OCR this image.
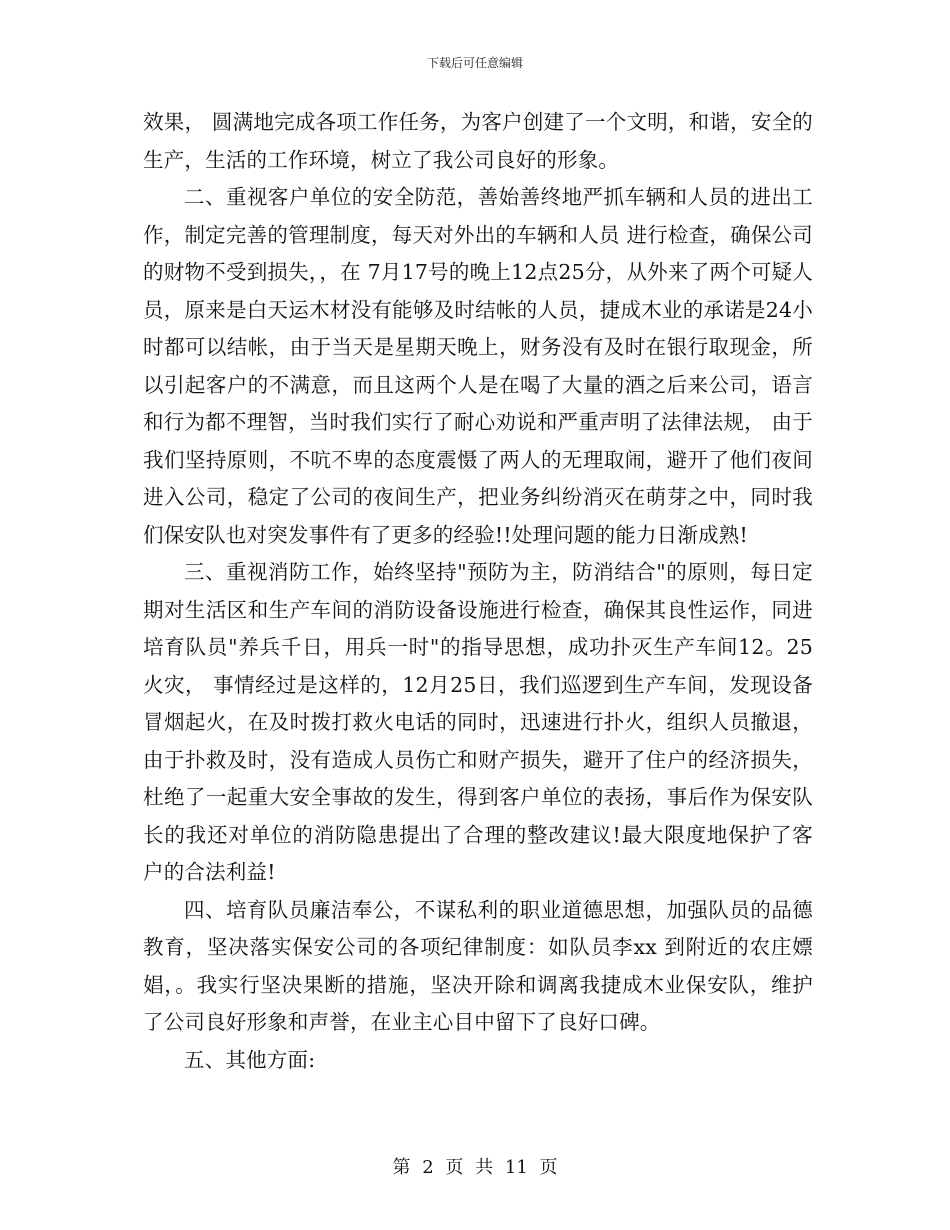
下载后可任意编辑

效果， 圆满地完成各项工作任务，为客户创建了一个文明，和谐，安全的生产，生活的工作环境，树立了我公司良好的形象。

二、重视客户单位的安全防范，善始善终地严抓车辆和人员的进出工作，制定完善的管理制度，每天对外出的车辆和人员 进行检查，确保公司的财物不受到损失，，在 7月17号的晚上12点25分，从外来了两个可疑人员，原来是白天运木材没有能够及时结帐的人员，捷成木业的承诺是24小时都可以结帐，由于当天是星期天晚上，财务没有及时在银行取现金，所以引起客户的不满意，而且这两个人是在喝了大量的酒之后来公司，语言和行为都不理智，当时我们实行了耐心劝说和严重声明了法律法规， 由于我们坚持原则，不吭不卑的态度震慑了两人的无理取闹，避开了他们夜间进入公司，稳定了公司的夜间生产，把业务纠纷消灭在萌芽之中，同时我们保安队也对突发事件有了更多的经验!!处理问题的能力日渐成熟!

三、重视消防工作，始终坚持"预防为主，防消结合"的原则，每日定期对生活区和生产车间的消防设备设施进行检查，确保其良性运作，同进培育队员"养兵千日，用兵一时"的指导思想，成功扑灭生产车间12。25火灾， 事情经过是这样的，12月25日，我们巡逻到生产车间，发现设备冒烟起火，在及时拨打救火电话的同时，迅速进行扑火，组织人员撤退，由于扑救及时，没有造成人员伤亡和财产损失，避开了住户的经济损失，杜绝了一起重大安全事故的发生，得到客户单位的表扬，事后作为保安队长的我还对单位的消防隐患提出了合理的整改建议!最大限度地保护了客户的合法利益!

四、培育队员廉洁奉公，不谋私利的职业道德思想，加强队员的品德教育，坚决落实保安公司的各项纪律制度：如队员李xx 到附近的农庄嫖娼，。我实行坚决果断的措施，坚决开除和调离我捷成木业保安队，维护了公司良好形象和声誉，在业主心目中留下了良好口碑。

五、其他方面:

第 2 页 共 11 页
